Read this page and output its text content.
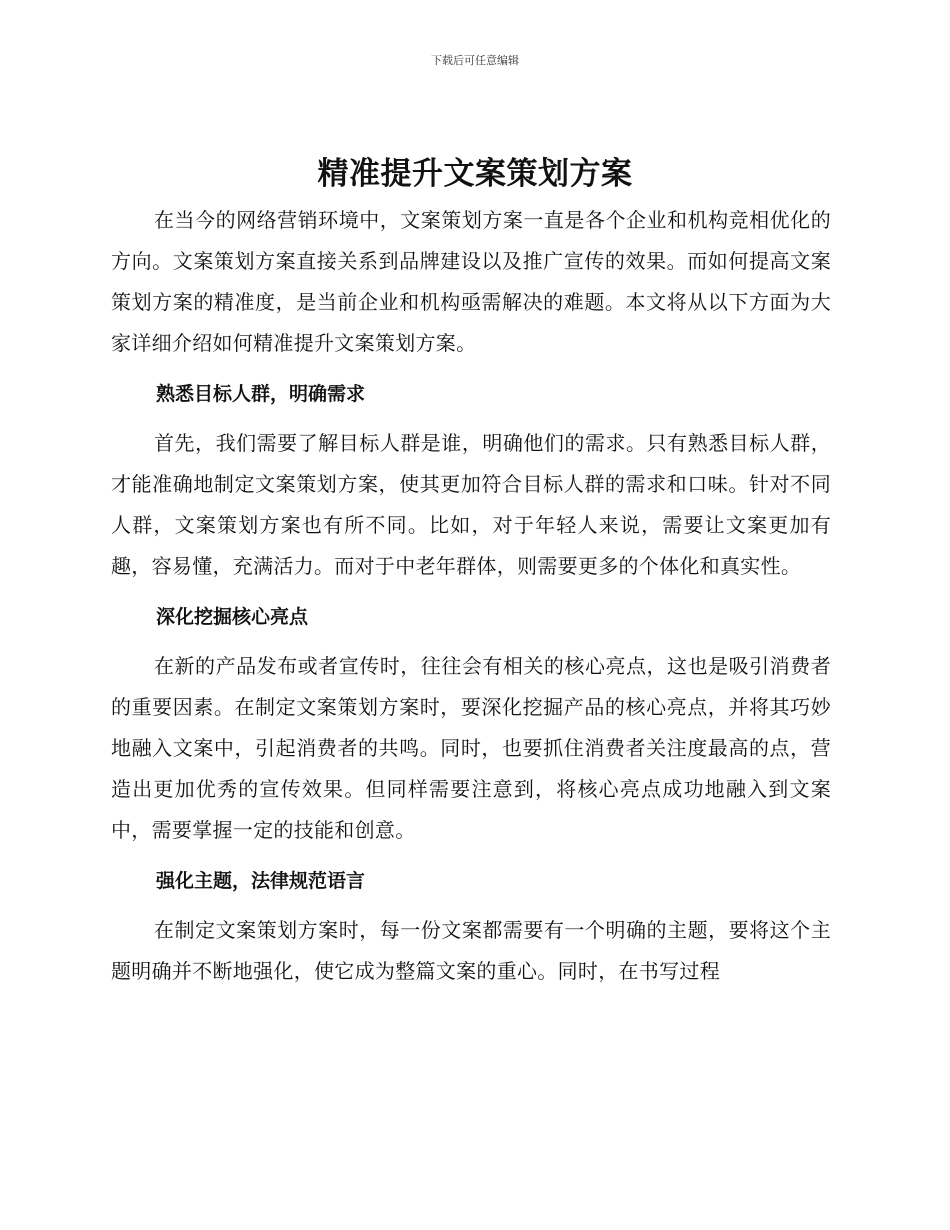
下载后可任意编辑
精准提升文案策划方案

在当今的网络营销环境中，文案策划方案一直是各个企业和机构竞相优化的方向。文案策划方案直接关系到品牌建设以及推广宣传的效果。而如何提高文案策划方案的精准度，是当前企业和机构亟需解决的难题。本文将从以下方面为大家详细介绍如何精准提升文案策划方案。

熟悉目标人群，明确需求

首先，我们需要了解目标人群是谁，明确他们的需求。只有熟悉目标人群，才能准确地制定文案策划方案，使其更加符合目标人群的需求和口味。针对不同人群，文案策划方案也有所不同。比如，对于年轻人来说，需要让文案更加有趣，容易懂，充满活力。而对于中老年群体，则需要更多的个体化和真实性。

深化挖掘核心亮点

在新的产品发布或者宣传时，往往会有相关的核心亮点，这也是吸引消费者的重要因素。在制定文案策划方案时，要深化挖掘产品的核心亮点，并将其巧妙地融入文案中，引起消费者的共鸣。同时，也要抓住消费者关注度最高的点，营造出更加优秀的宣传效果。但同样需要注意到，将核心亮点成功地融入到文案中，需要掌握一定的技能和创意。

强化主题，法律规范语言

在制定文案策划方案时，每一份文案都需要有一个明确的主题，要将这个主题明确并不断地强化，使它成为整篇文案的重心。同时，在书写过程
